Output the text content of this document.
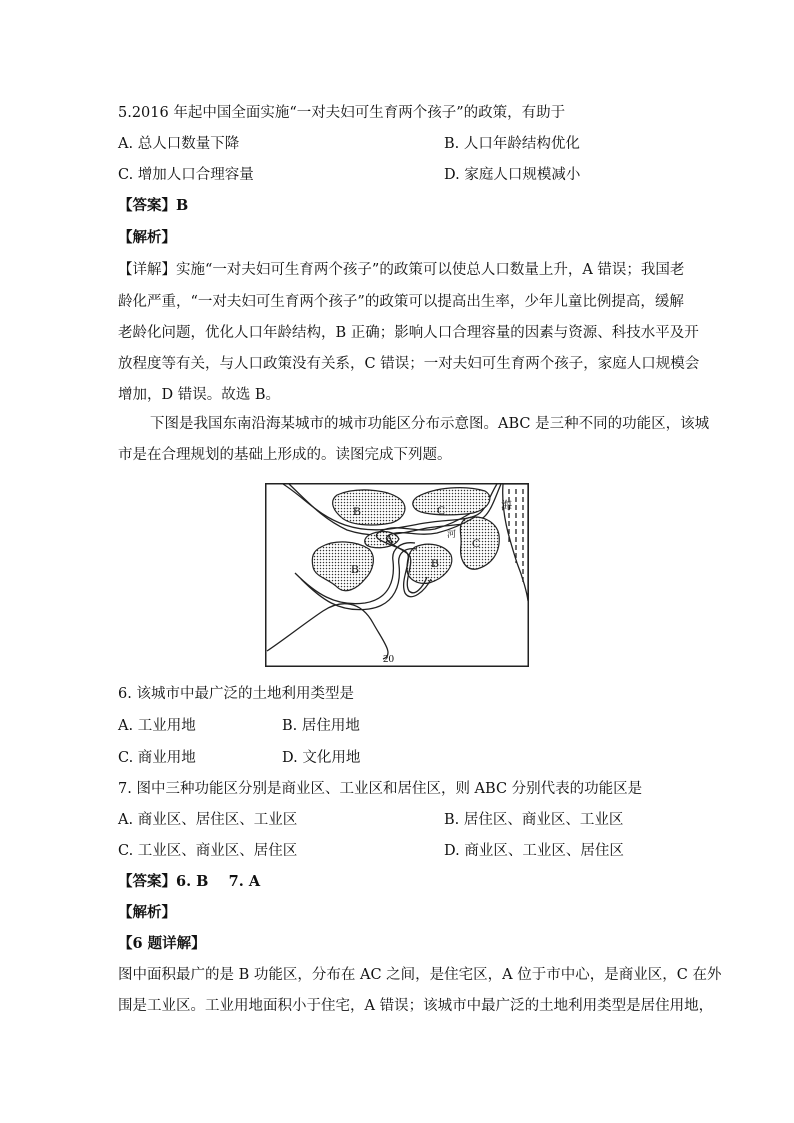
5.2016 年起中国全面实施“一对夫妇可生育两个孩子”的政策，有助于
A. 总人口数量下降	B. 人口年龄结构优化
C. 增加人口合理容量	D. 家庭人口规模减小
【答案】B
【解析】
【详解】实施“一对夫妇可生育两个孩子”的政策可以使总人口数量上升，A 错误；我国老
龄化严重，“一对夫妇可生育两个孩子”的政策可以提高出生率，少年儿童比例提高，缓解
老龄化问题，优化人口年龄结构，B 正确；影响人口合理容量的因素与资源、科技水平及开
放程度等有关，与人口政策没有关系，C 错误；一对夫妇可生育两个孩子，家庭人口规模会
增加，D 错误。故选 B。
下图是我国东南沿海某城市的城市功能区分布示意图。ABC 是三种不同的功能区，该城
市是在合理规划的基础上形成的。读图完成下列题。
B	C
C
A
B	B
河
海
20
6. 该城市中最广泛的土地利用类型是
A. 工业用地	B. 居住用地
C. 商业用地	D. 文化用地
7. 图中三种功能区分别是商业区、工业区和居住区，则 ABC 分别代表的功能区是
A. 商业区、居住区、工业区	B. 居住区、商业区、工业区
C. 工业区、商业区、居住区	D. 商业区、工业区、居住区
【答案】6. B    7. A
【解析】
【6 题详解】
图中面积最广的是 B 功能区，分布在 AC 之间，是住宅区，A 位于市中心，是商业区，C 在外
围是工业区。工业用地面积小于住宅，A 错误；该城市中最广泛的土地利用类型是居住用地，
